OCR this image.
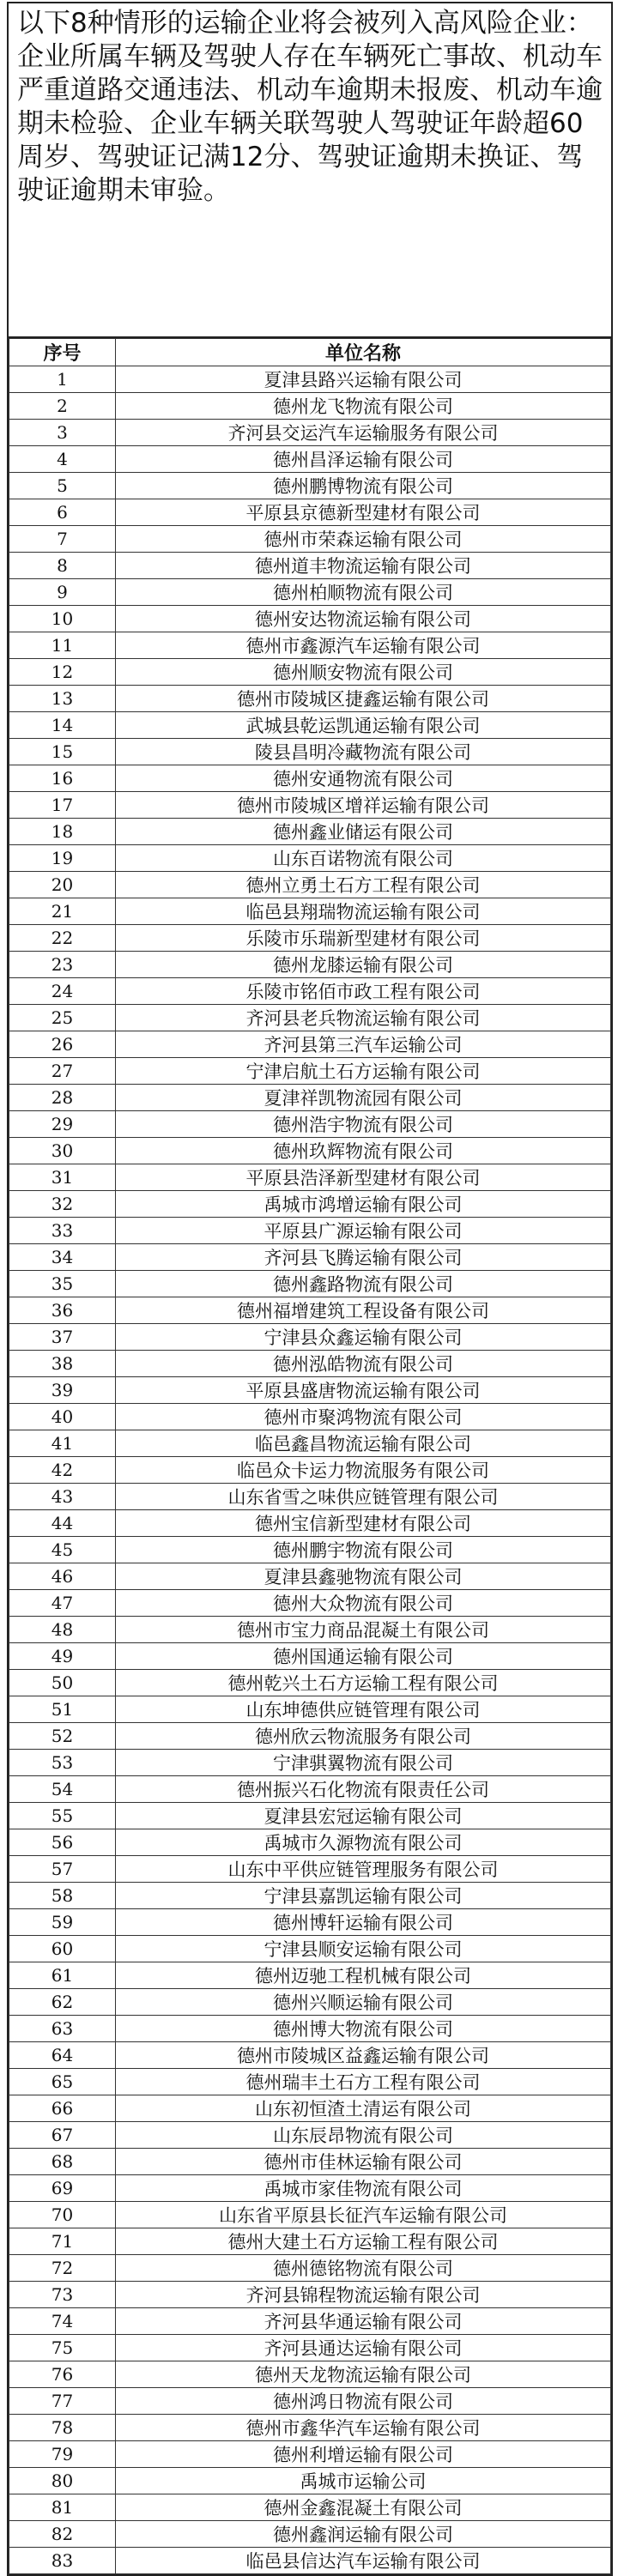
以下8种情形的运输企业将会被列入高风险企业：企业所属车辆及驾驶人存在车辆死亡事故、机动车严重道路交通违法、机动车逾期未报废、机动车逾期未检验、企业车辆关联驾驶人驾驶证年龄超60周岁、驾驶证记满12分、驾驶证逾期未换证、驾驶证逾期未审验。
序号	单位名称
1	夏津县路兴运输有限公司
2	德州龙飞物流有限公司
3	齐河县交运汽车运输服务有限公司
4	德州昌泽运输有限公司
5	德州鹏博物流有限公司
6	平原县京德新型建材有限公司
7	德州市荣森运输有限公司
8	德州道丰物流运输有限公司
9	德州柏顺物流有限公司
10	德州安达物流运输有限公司
11	德州市鑫源汽车运输有限公司
12	德州顺安物流有限公司
13	德州市陵城区捷鑫运输有限公司
14	武城县乾运凯通运输有限公司
15	陵县昌明冷藏物流有限公司
16	德州安通物流有限公司
17	德州市陵城区增祥运输有限公司
18	德州鑫业储运有限公司
19	山东百诺物流有限公司
20	德州立勇土石方工程有限公司
21	临邑县翔瑞物流运输有限公司
22	乐陵市乐瑞新型建材有限公司
23	德州龙膝运输有限公司
24	乐陵市铭佰市政工程有限公司
25	齐河县老兵物流运输有限公司
26	齐河县第三汽车运输公司
27	宁津启航土石方运输有限公司
28	夏津祥凯物流园有限公司
29	德州浩宇物流有限公司
30	德州玖辉物流有限公司
31	平原县浩泽新型建材有限公司
32	禹城市鸿增运输有限公司
33	平原县广源运输有限公司
34	齐河县飞腾运输有限公司
35	德州鑫路物流有限公司
36	德州福增建筑工程设备有限公司
37	宁津县众鑫运输有限公司
38	德州泓皓物流有限公司
39	平原县盛唐物流运输有限公司
40	德州市聚鸿物流有限公司
41	临邑鑫昌物流运输有限公司
42	临邑众卡运力物流服务有限公司
43	山东省雪之味供应链管理有限公司
44	德州宝信新型建材有限公司
45	德州鹏宇物流有限公司
46	夏津县鑫驰物流有限公司
47	德州大众物流有限公司
48	德州市宝力商品混凝土有限公司
49	德州国通运输有限公司
50	德州乾兴土石方运输工程有限公司
51	山东坤德供应链管理有限公司
52	德州欣云物流服务有限公司
53	宁津骐翼物流有限公司
54	德州振兴石化物流有限责任公司
55	夏津县宏冠运输有限公司
56	禹城市久源物流有限公司
57	山东中平供应链管理服务有限公司
58	宁津县嘉凯运输有限公司
59	德州博轩运输有限公司
60	宁津县顺安运输有限公司
61	德州迈驰工程机械有限公司
62	德州兴顺运输有限公司
63	德州博大物流有限公司
64	德州市陵城区益鑫运输有限公司
65	德州瑞丰土石方工程有限公司
66	山东初恒渣土清运有限公司
67	山东辰昂物流有限公司
68	德州市佳林运输有限公司
69	禹城市家佳物流有限公司
70	山东省平原县长征汽车运输有限公司
71	德州大建土石方运输工程有限公司
72	德州德铭物流有限公司
73	齐河县锦程物流运输有限公司
74	齐河县华通运输有限公司
75	齐河县通达运输有限公司
76	德州天龙物流运输有限公司
77	德州鸿日物流有限公司
78	德州市鑫华汽车运输有限公司
79	德州利增运输有限公司
80	禹城市运输公司
81	德州金鑫混凝土有限公司
82	德州鑫润运输有限公司
83	临邑县信达汽车运输有限公司
